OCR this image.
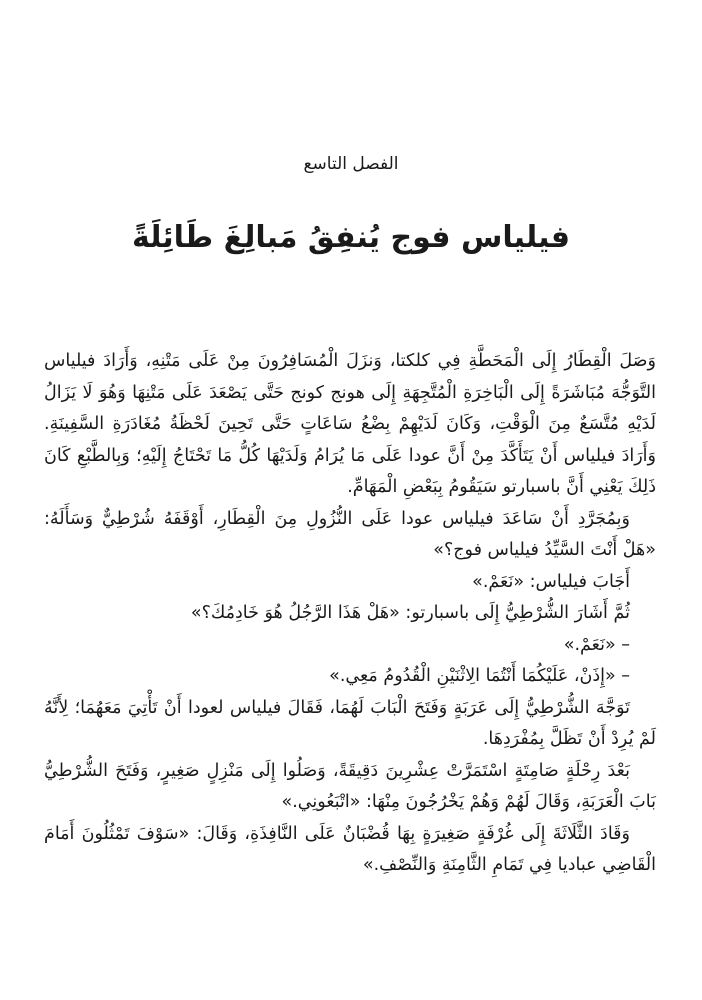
الفصل التاسع
فيلياس فوج يُنفِقُ مَبالِغَ طَائِلَةً

وَصَلَ الْقِطَارُ إِلَى الْمَحَطَّةِ فِي كلكتا، وَنزَلَ الْمُسَافِرُونَ مِنْ عَلَى مَتْنِهِ، وَأَرَادَ فيلياس التَّوَجُّهَ مُبَاشَرَةً إِلَى الْبَاخِرَةِ الْمُتَّجِهَةِ إِلَى هونج كونج حَتَّى يَصْعَدَ عَلَى مَتْنِهَا وَهُوَ لَا يَزَالُ لَدَيْهِ مُتَّسَعٌ مِنَ الْوَقْتِ، وَكَانَ لَدَيْهِمْ بِضْعُ سَاعَاتٍ حَتَّى تَحِينَ لَحْظَةُ مُغَادَرَةِ السَّفِينَةِ. وَأَرَادَ فيلياس أَنْ يَتَأَكَّدَ مِنْ أَنَّ عودا عَلَى مَا يُرَامُ وَلَدَيْهَا كُلُّ مَا تَحْتَاجُ إِلَيْهِ؛ وَبِالطَّبْعِ كَانَ ذَلِكَ يَعْنِي أَنَّ باسبارتو سَيَقُومُ بِبَعْضِ الْمَهَامِّ.

وَبِمُجَرَّدِ أَنْ سَاعَدَ فيلياس عودا عَلَى النُّزُولِ مِنَ الْقِطَارِ، أَوْقَفَهُ شُرْطِيٌّ وَسَأَلَهُ: «هَلْ أَنْتَ السَّيِّدُ فيلياس فوج؟»

أَجَابَ فيلياس: «نَعَمْ.»

ثُمَّ أَشَارَ الشُّرْطِيُّ إِلَى باسبارتو: «هَلْ هَذَا الرَّجُلُ هُوَ خَادِمُكَ؟»

– «نَعَمْ.»

– «إِذَنْ، عَلَيْكُمَا أَنْتُمَا الِاثْنَيْنِ الْقُدُومُ مَعِي.»

تَوَجَّهَ الشُّرْطِيُّ إِلَى عَرَبَةٍ وَفَتَحَ الْبَابَ لَهُمَا، فَقَالَ فيلياس لعودا أَنْ تَأْتِيَ مَعَهُمَا؛ لِأَنَّهُ لَمْ يُرِدْ أَنْ تَظَلَّ بِمُفْرَدِهَا.

بَعْدَ رِحْلَةٍ صَامِتَةٍ اسْتَمَرَّتْ عِشْرِينَ دَقِيقَةً، وَصَلُوا إِلَى مَنْزِلٍ صَغِيرٍ، وَفَتَحَ الشُّرْطِيُّ بَابَ الْعَرَبَةِ، وَقَالَ لَهُمْ وَهُمْ يَخْرُجُونَ مِنْهَا: «اتْبَعُونِي.»

وَقَادَ الثَّلَاثَةَ إِلَى غُرْفَةٍ صَغِيرَةٍ بِهَا قُضْبَانٌ عَلَى النَّافِذَةِ، وَقَالَ: «سَوْفَ تَمْثُلُونَ أَمَامَ الْقَاضِي عباديا فِي تَمَامِ الثَّامِنَةِ وَالنِّصْفِ.»
